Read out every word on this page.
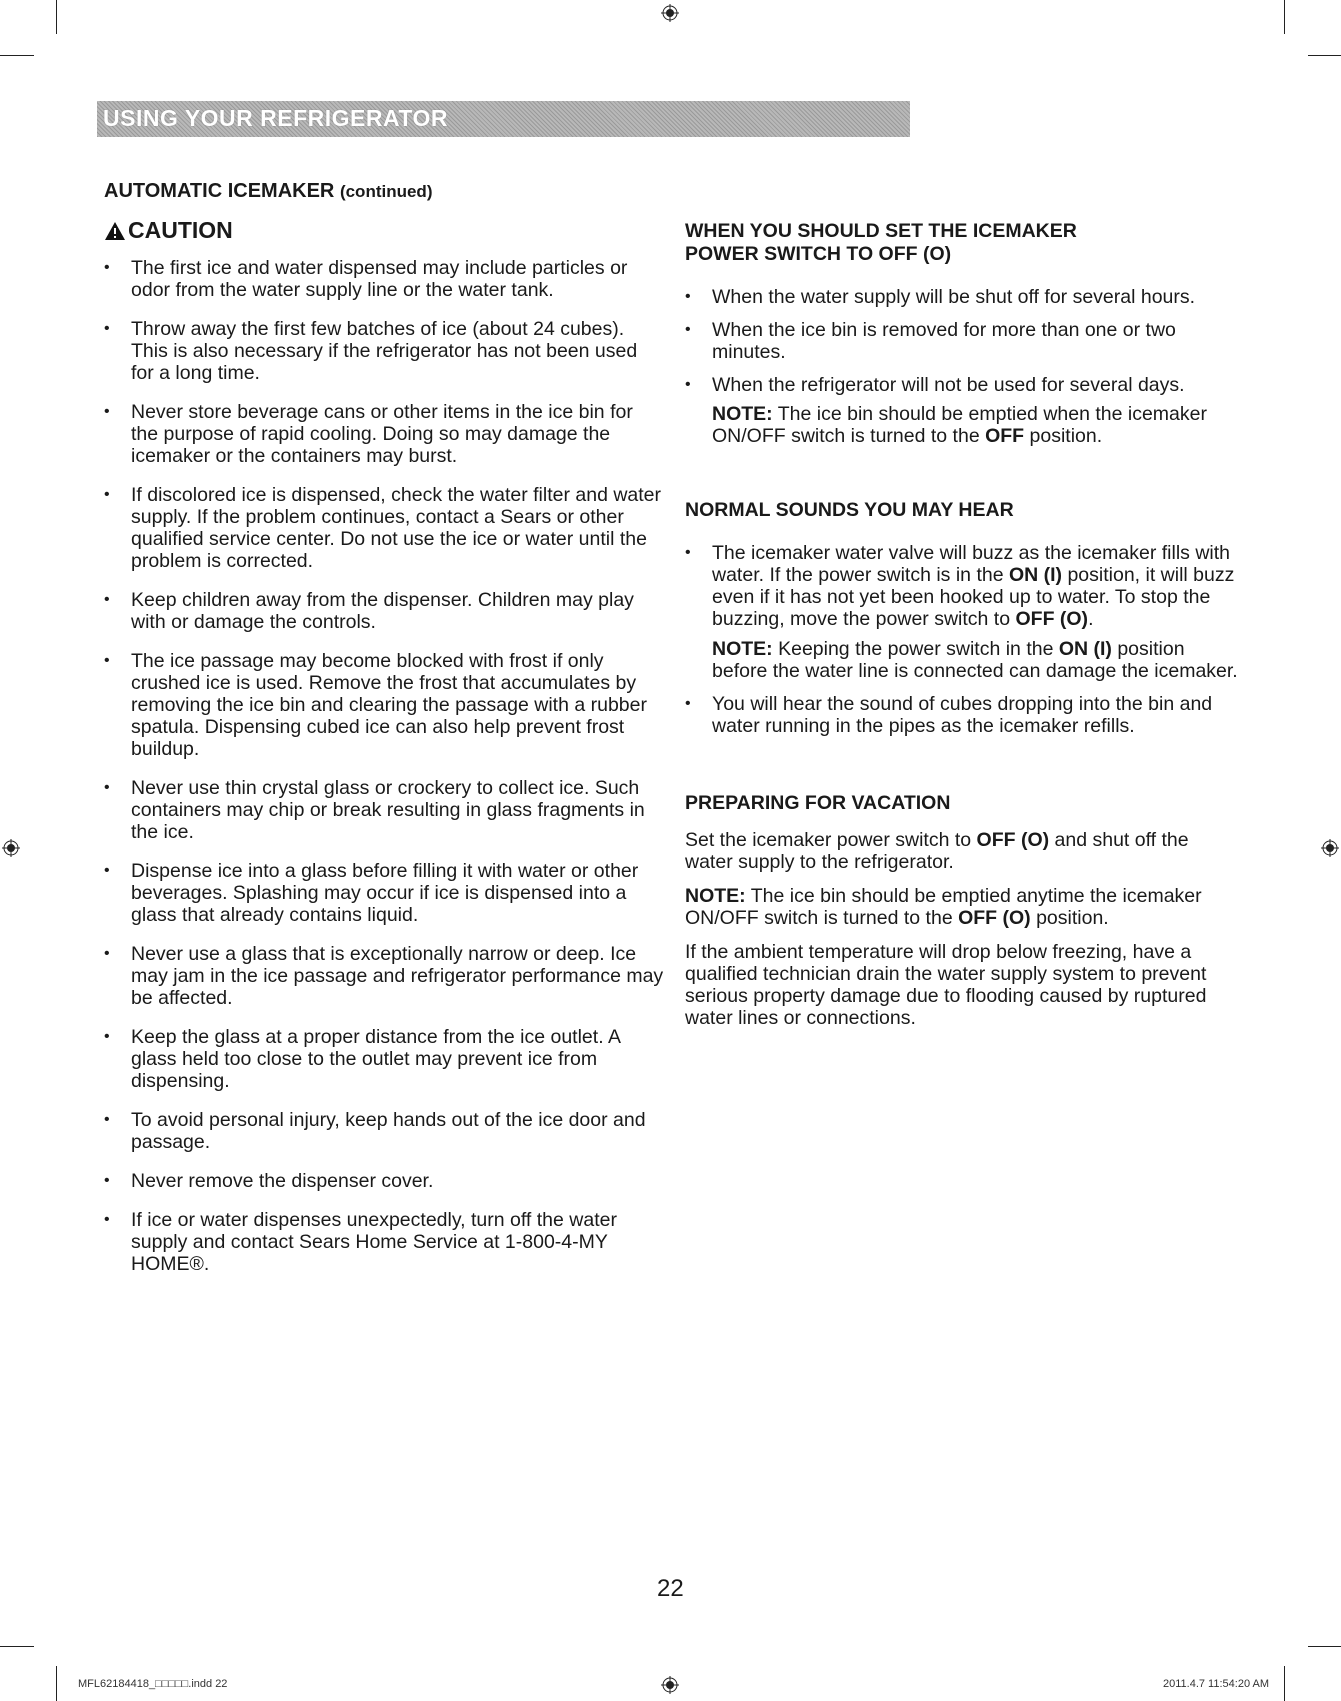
USING YOUR REFRIGERATOR
AUTOMATIC ICEMAKER (continued)
CAUTION
• The first ice and water dispensed may include particles or odor from the water supply line or the water tank.
• Throw away the first few batches of ice (about 24 cubes). This is also necessary if the refrigerator has not been used for a long time.
• Never store beverage cans or other items in the ice bin for the purpose of rapid cooling. Doing so may damage the icemaker or the containers may burst.
• If discolored ice is dispensed, check the water filter and water supply. If the problem continues, contact a Sears or other qualified service center. Do not use the ice or water until the problem is corrected.
• Keep children away from the dispenser. Children may play with or damage the controls.
• The ice passage may become blocked with frost if only crushed ice is used. Remove the frost that accumulates by removing the ice bin and clearing the passage with a rubber spatula. Dispensing cubed ice can also help prevent frost buildup.
• Never use thin crystal glass or crockery to collect ice. Such containers may chip or break resulting in glass fragments in the ice.
• Dispense ice into a glass before filling it with water or other beverages. Splashing may occur if ice is dispensed into a glass that already contains liquid.
• Never use a glass that is exceptionally narrow or deep. Ice may jam in the ice passage and refrigerator performance may be affected.
• Keep the glass at a proper distance from the ice outlet. A glass held too close to the outlet may prevent ice from dispensing.
• To avoid personal injury, keep hands out of the ice door and passage.
• Never remove the dispenser cover.
• If ice or water dispenses unexpectedly, turn off the water supply and contact Sears Home Service at 1-800-4-MY HOME®.
WHEN YOU SHOULD SET THE ICEMAKER
POWER SWITCH TO OFF (O)
• When the water supply will be shut off for several hours.
• When the ice bin is removed for more than one or two minutes.
• When the refrigerator will not be used for several days.

NOTE: The ice bin should be emptied when the icemaker ON/OFF switch is turned to the OFF position.

NORMAL SOUNDS YOU MAY HEAR
• The icemaker water valve will buzz as the icemaker fills with water. If the power switch is in the ON (I) position, it will buzz even if it has not yet been hooked up to water. To stop the buzzing, move the power switch to OFF (O).

NOTE: Keeping the power switch in the ON (I) position before the water line is connected can damage the icemaker.

• You will hear the sound of cubes dropping into the bin and water running in the pipes as the icemaker refills.
PREPARING FOR VACATION

Set the icemaker power switch to OFF (O) and shut off the water supply to the refrigerator.

NOTE: The ice bin should be emptied anytime the icemaker ON/OFF switch is turned to the OFF (O) position.

If the ambient temperature will drop below freezing, have a qualified technician drain the water supply system to prevent serious property damage due to flooding caused by ruptured water lines or connections.

22
MFL62184418_□□□□□.indd 22	2011.4.7 11:54:20 AM
